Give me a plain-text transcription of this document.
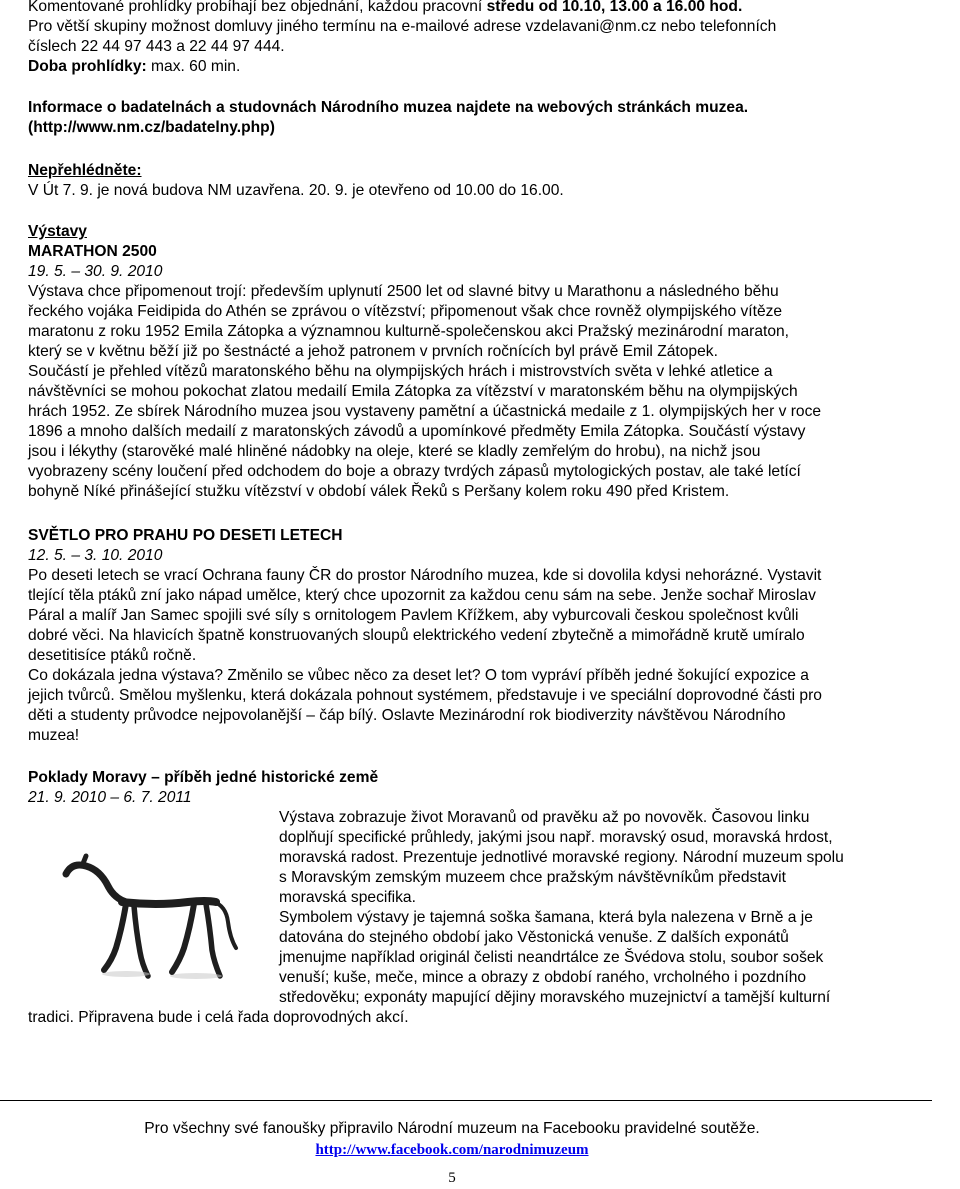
Komentované prohlídky probíhají bez objednání, každou pracovní středu od 10.10, 13.00 a 16.00 hod.
Pro větší skupiny možnost domluvy jiného termínu na e-mailové adrese vzdelavani@nm.cz nebo telefonních
číslech 22 44 97 443 a 22 44 97 444.
Doba prohlídky: max. 60 min.
Informace o badatelnách a studovnách Národního muzea najdete na webových stránkách muzea.
(http://www.nm.cz/badatelny.php)
Nepřehlédněte:
V Út 7. 9. je nová budova NM uzavřena. 20. 9. je otevřeno od 10.00 do 16.00.
Výstavy
MARATHON 2500
19. 5. – 30. 9. 2010
Výstava chce připomenout trojí: především uplynutí 2500 let od slavné bitvy u Marathonu a následného běhu
řeckého vojáka Feidipida do Athén se zprávou o vítězství; připomenout však chce rovněž olympijského vítěze
maratonu z roku 1952 Emila Zátopka a významnou kulturně-společenskou akci Pražský mezinárodní maraton,
který se v květnu běží již po šestnácté a jehož patronem v prvních ročnících byl právě Emil Zátopek.
Součástí je přehled vítězů maratonského běhu na olympijských hrách i mistrovstvích světa v lehké atletice a
návštěvníci se mohou pokochat zlatou medailí Emila Zátopka za vítězství v maratonském běhu na olympijských
hrách 1952. Ze sbírek Národního muzea jsou vystaveny pamětní a účastnická medaile z 1. olympijských her v roce
1896 a mnoho dalších medailí z maratonských závodů a upomínkové předměty Emila Zátopka. Součástí výstavy
jsou i lékythy (starověké malé hliněné nádobky na oleje, které se kladly zemřelým do hrobu), na nichž jsou
vyobrazeny scény loučení před odchodem do boje a obrazy tvrdých zápasů mytologických postav, ale také letící
bohyně Níké přinášející stužku vítězství v období válek Řeků s Peršany kolem roku 490 před Kristem.
SVĚTLO PRO PRAHU PO DESETI LETECH
12. 5. – 3. 10. 2010
Po deseti letech se vrací Ochrana fauny ČR do prostor Národního muzea, kde si dovolila kdysi nehorázné. Vystavit
tlející těla ptáků zní jako nápad umělce, který chce upozornit za každou cenu sám na sebe. Jenže sochař Miroslav
Páral a malíř Jan Samec spojili své síly s ornitologem Pavlem Křížkem, aby vyburcovali českou společnost kvůli
dobré věci. Na hlavicích špatně konstruovaných sloupů elektrického vedení zbytečně a mimořádně krutě umíralo
desetitisíce ptáků ročně.
Co dokázala jedna výstava? Změnilo se vůbec něco za deset let? O tom vypráví příběh jedné šokující expozice a
jejich tvůrců. Smělou myšlenku, která dokázala pohnout systémem, představuje i ve speciální doprovodné části pro
děti a studenty průvodce nejpovolanější – čáp bílý. Oslavte Mezinárodní rok biodiverzity návštěvou Národního
muzea!
Poklady Moravy – příběh jedné historické země
21. 9. 2010 – 6. 7. 2011
Výstava zobrazuje život Moravanů od pravěku až po novověk. Časovou linku
doplňují specifické průhledy, jakými jsou např. moravský osud, moravská hrdost,
moravská radost. Prezentuje jednotlivé moravské regiony. Národní muzeum spolu
s Moravským zemským muzeem chce pražským návštěvníkům představit
moravská specifika.
Symbolem výstavy je tajemná soška šamana, která byla nalezena v Brně a je
datována do stejného období jako Věstonická venuše. Z dalších exponátů
jmenujme například originál čelisti neandrtálce ze Švédova stolu, soubor sošek
venuší; kuše, meče, mince a obrazy z období raného, vrcholného i pozdního
středověku; exponáty mapující dějiny moravského muzejnictví a tamější kulturní
tradici. Připravena bude i celá řada doprovodných akcí.
Pro všechny své fanoušky připravilo Národní muzeum na Facebooku pravidelné soutěže.
http://www.facebook.com/narodnimuzeum
5
